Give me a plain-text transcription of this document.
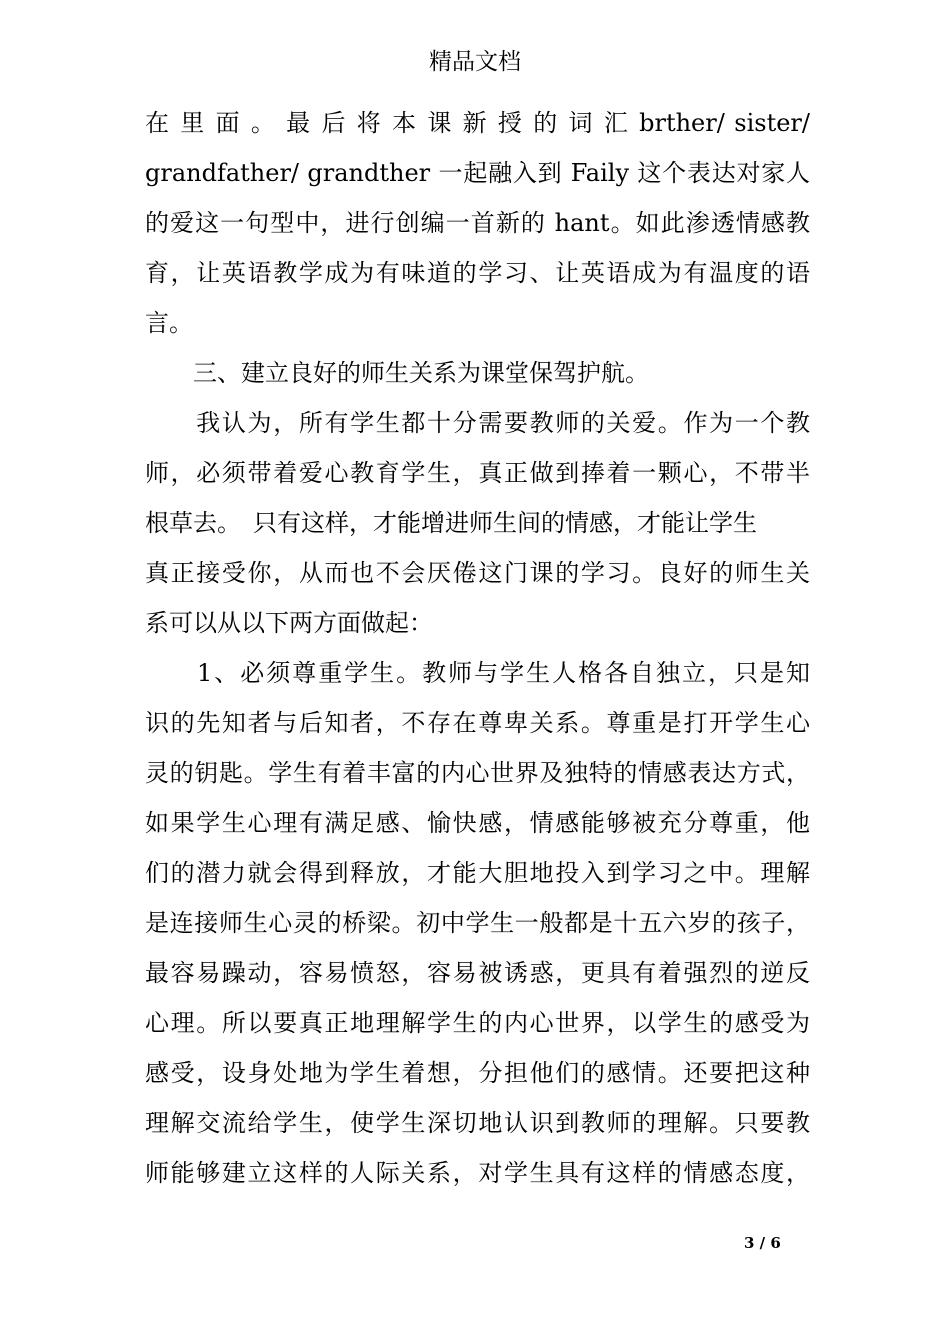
精品文档
在 里 面 。 最 后 将 本 课 新 授 的 词 汇 brther/ sister/
grandfather/ grandther 一起融入到 Faily 这个表达对家人
的爱这一句型中，进行创编一首新的 hant。如此渗透情感教
育，让英语教学成为有味道的学习、让英语成为有温度的语
言。
　　三、建立良好的师生关系为课堂保驾护航。
　　我认为，所有学生都十分需要教师的关爱。作为一个教
师，必须带着爱心教育学生，真正做到捧着一颗心，不带半
根草去。　只有这样，才能增进师生间的情感，才能让学生
真正接受你，从而也不会厌倦这门课的学习。良好的师生关
系可以从以下两方面做起：
　　1、必须尊重学生。教师与学生人格各自独立，只是知
识的先知者与后知者，不存在尊卑关系。尊重是打开学生心
灵的钥匙。学生有着丰富的内心世界及独特的情感表达方式，
如果学生心理有满足感、愉快感，情感能够被充分尊重，他
们的潜力就会得到释放，才能大胆地投入到学习之中。理解
是连接师生心灵的桥梁。初中学生一般都是十五六岁的孩子，
最容易躁动，容易愤怒，容易被诱惑，更具有着强烈的逆反
心理。所以要真正地理解学生的内心世界，以学生的感受为
感受，设身处地为学生着想，分担他们的感情。还要把这种
理解交流给学生，使学生深切地认识到教师的理解。只要教
师能够建立这样的人际关系，对学生具有这样的情感态度，
3 / 6
